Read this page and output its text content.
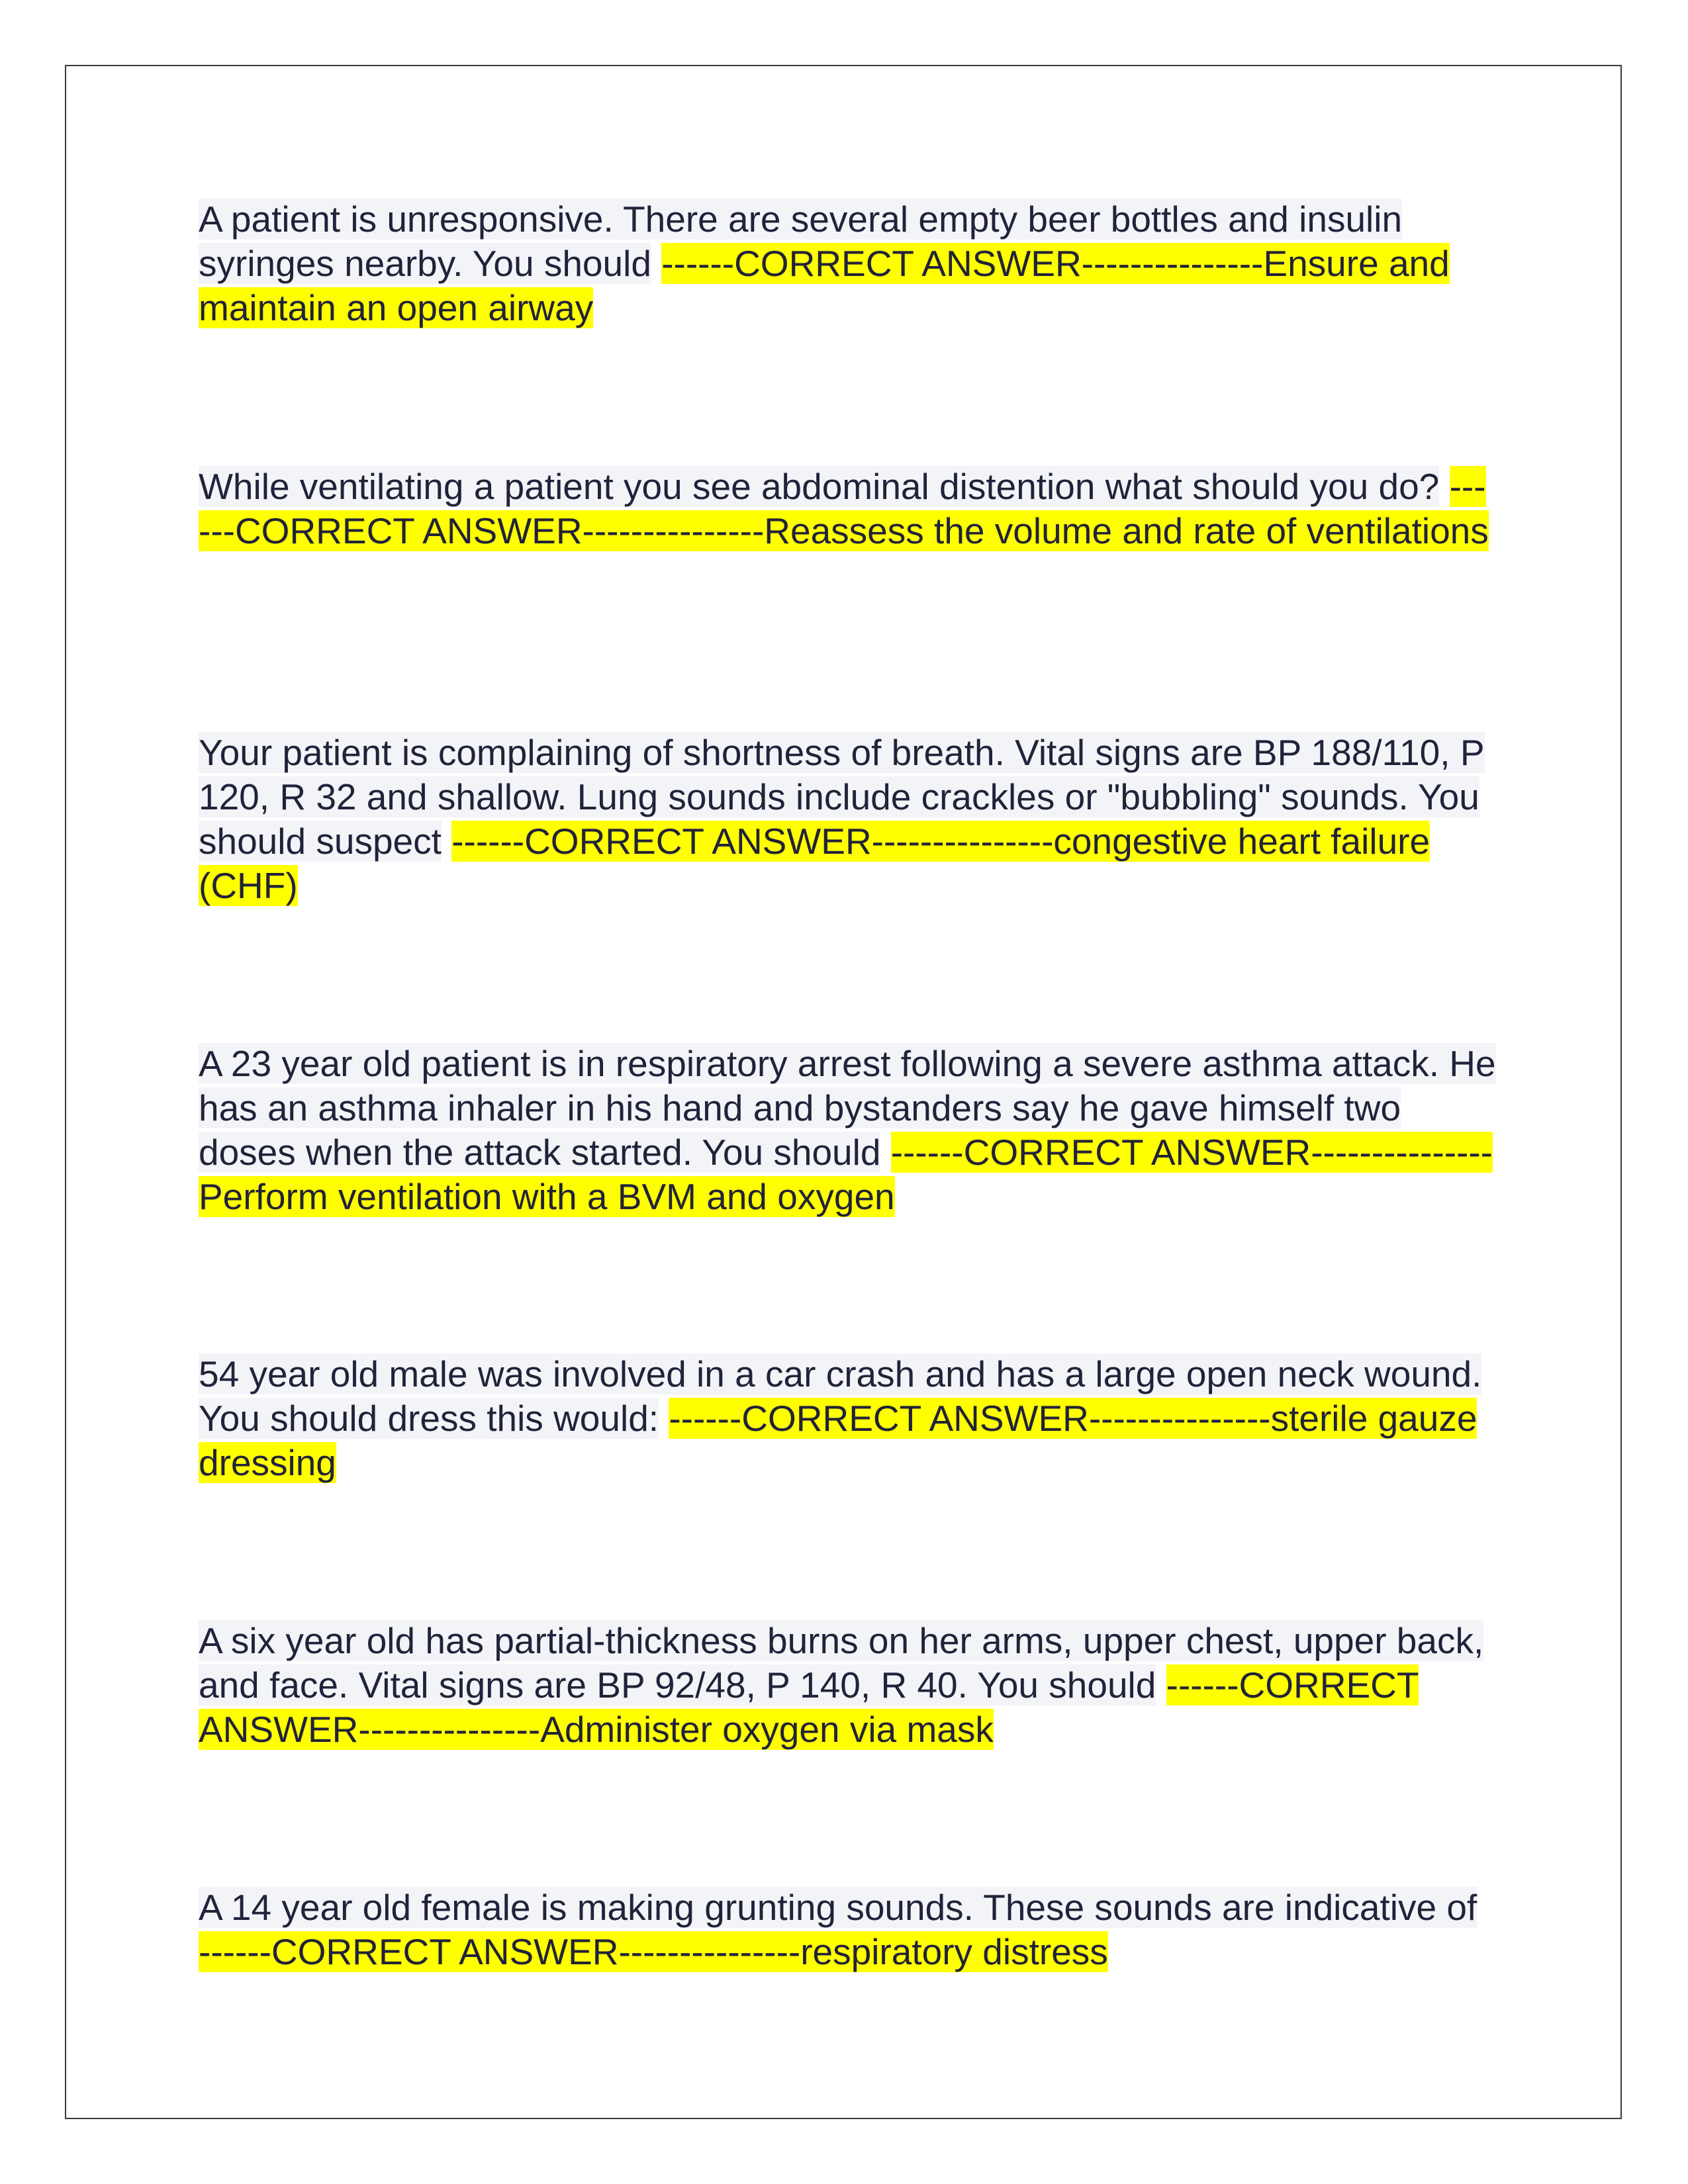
A patient is unresponsive. There are several empty beer bottles and insulin syringes nearby. You should ------CORRECT ANSWER---------------Ensure and maintain an open airway
While ventilating a patient you see abdominal distention what should you do? ------CORRECT ANSWER---------------Reassess the volume and rate of ventilations
Your patient is complaining of shortness of breath. Vital signs are BP 188/110, P 120, R 32 and shallow. Lung sounds include crackles or "bubbling" sounds. You should suspect ------CORRECT ANSWER---------------congestive heart failure (CHF)
A 23 year old patient is in respiratory arrest following a severe asthma attack. He has an asthma inhaler in his hand and bystanders say he gave himself two doses when the attack started. You should ------CORRECT ANSWER---------------Perform ventilation with a BVM and oxygen
54 year old male was involved in a car crash and has a large open neck wound. You should dress this would: ------CORRECT ANSWER---------------sterile gauze dressing
A six year old has partial-thickness burns on her arms, upper chest, upper back, and face. Vital signs are BP 92/48, P 140, R 40. You should ------CORRECT ANSWER---------------Administer oxygen via mask
A 14 year old female is making grunting sounds. These sounds are indicative of ------CORRECT ANSWER---------------respiratory distress
